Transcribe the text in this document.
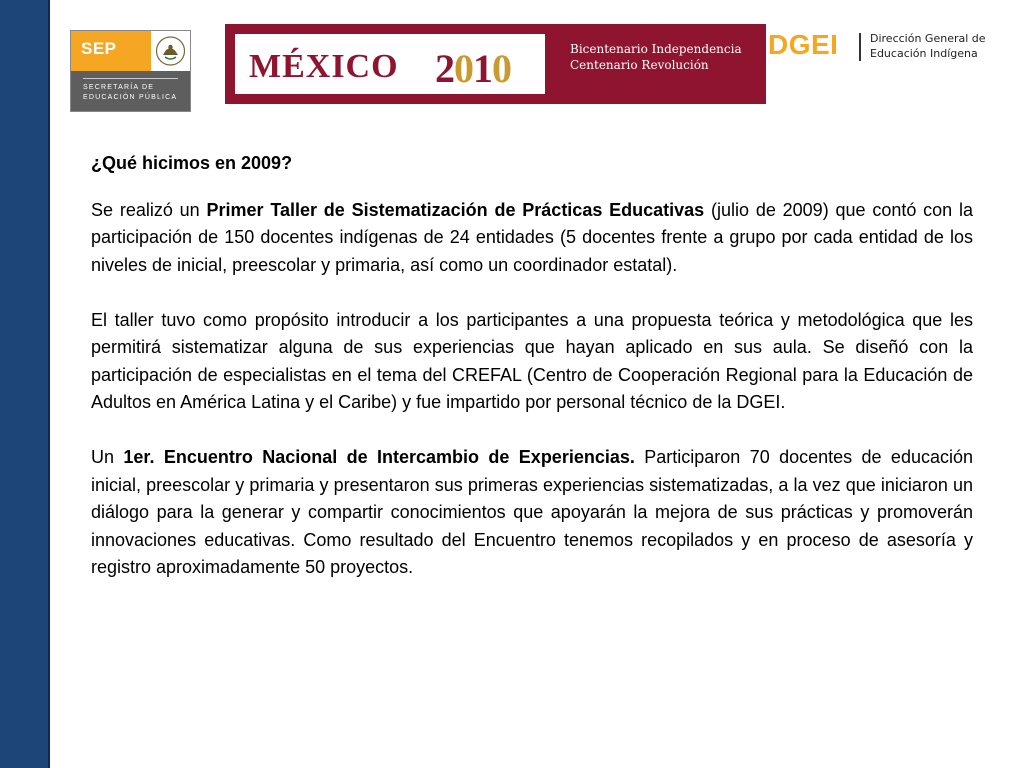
SEP
SECRETARÍA DE
EDUCACIÓN PÚBLICA
MÉXICO 2010	Bicentenario Independencia
Centenario Revolución
DGEI	Dirección General de
Educación Indígena
¿Qué hicimos en 2009?

Se realizó un Primer Taller de Sistematización de Prácticas Educativas (julio de 2009) que contó con la participación de 150 docentes indígenas de 24 entidades (5 docentes frente a grupo por cada entidad de los niveles de inicial, preescolar y primaria, así como un coordinador estatal).

El taller tuvo como propósito introducir a los participantes a una propuesta teórica y metodológica que les permitirá sistematizar alguna de sus experiencias que hayan aplicado en sus aula. Se diseñó con la participación de especialistas en el tema del CREFAL (Centro de Cooperación Regional para la Educación de Adultos en América Latina y el Caribe) y fue impartido por personal técnico de la DGEI.

Un 1er. Encuentro Nacional de Intercambio de Experiencias. Participaron 70 docentes de educación inicial, preescolar y primaria y presentaron sus primeras experiencias sistematizadas, a la vez que iniciaron un diálogo para la generar y compartir conocimientos que apoyarán la mejora de sus prácticas y promoverán innovaciones educativas. Como resultado del Encuentro tenemos recopilados y en proceso de asesoría y registro aproximadamente 50 proyectos.
